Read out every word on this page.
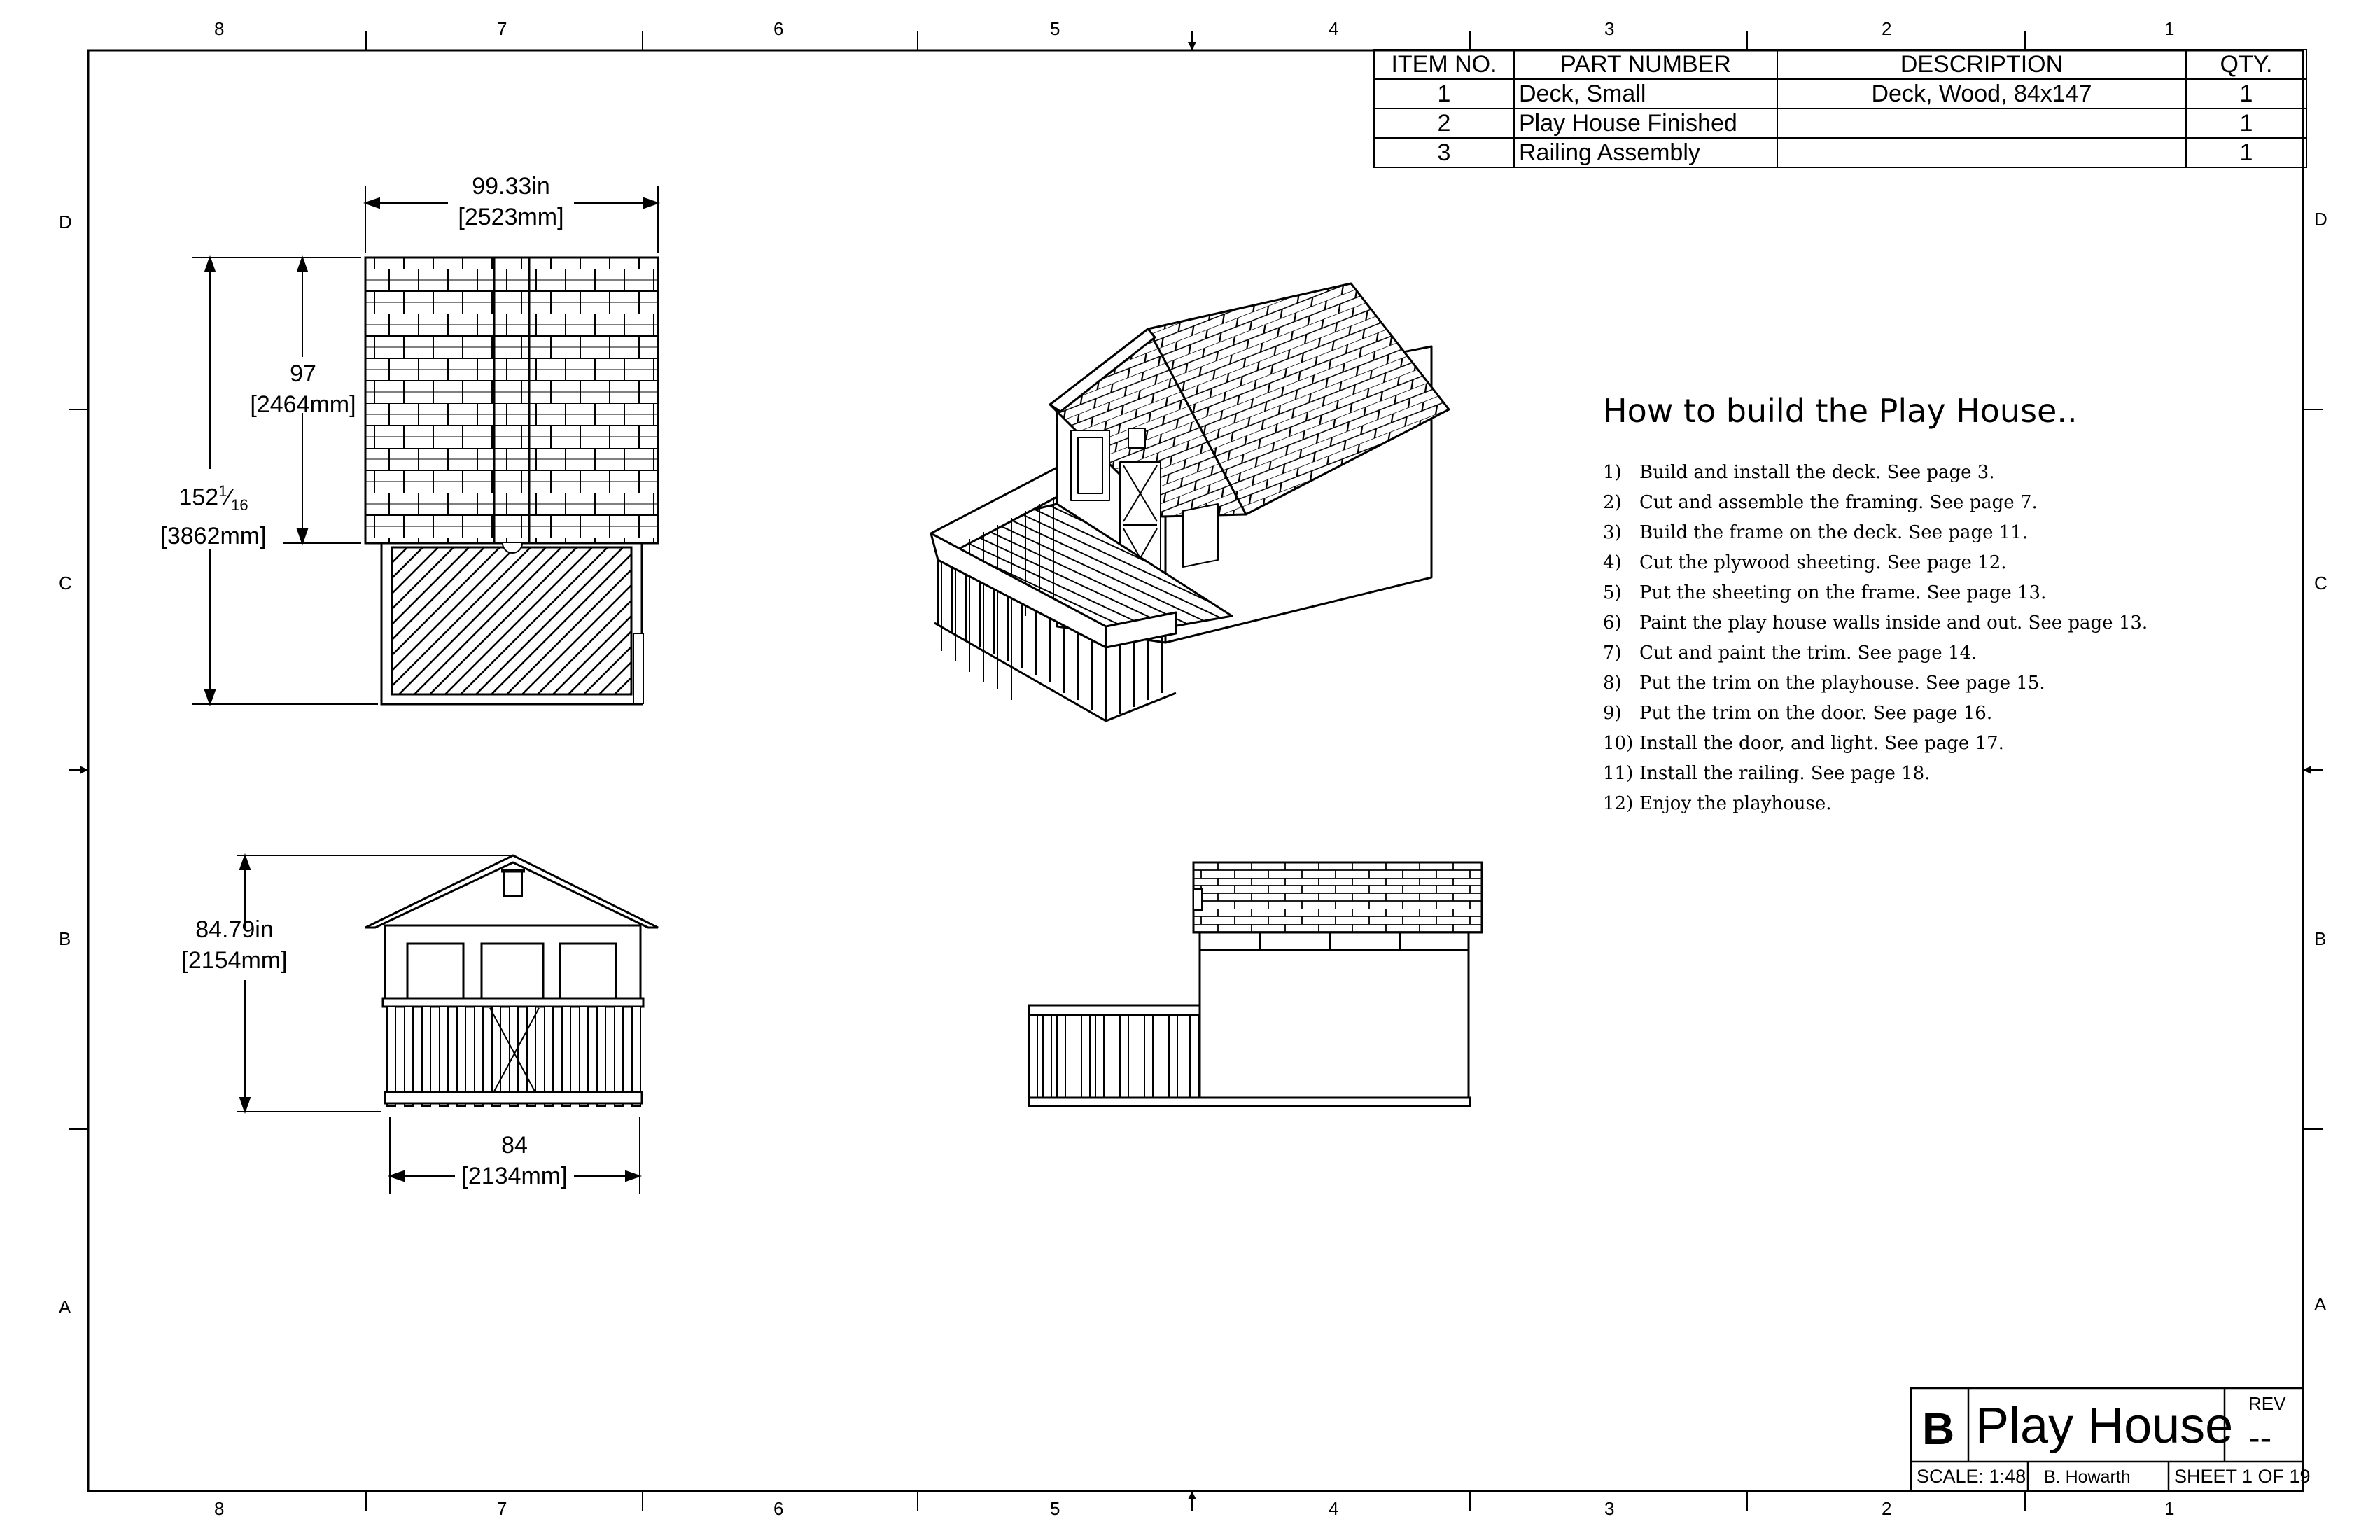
8	7	6	5	4	3	2	1
8	7	6	5	4	3	2	1
D
C
B
A
D
C
B
A
ITEM NO.	PART NUMBER	DESCRIPTION	QTY.
1	Deck, Small	Deck, Wood, 84x147	1
2	Play House Finished		1
3	Railing Assembly		1
How to build the Play House..
1) Build and install the deck. See page 3.
2) Cut and assemble the framing. See page 7.
3) Build the frame on the deck. See page 11.
4) Cut the plywood sheeting. See page 12.
5) Put the sheeting on the frame. See page 13.
6) Paint the play house walls inside and out. See page 13.
7) Cut and paint the trim. See page 14.
8) Put the trim on the playhouse. See page 15.
9) Put the trim on the door. See page 16.
10) Install the door, and light. See page 17.
11) Install the railing. See page 18.
12) Enjoy the playhouse.
99.33in
[2523mm]
97
[2464mm]
$152^1⁄_{16}$
[3862mm]
84.79in
[2154mm]
84
[2134mm]
B Play House REV
--
SCALE: 1:48 B. Howarth SHEET 1 OF 19
